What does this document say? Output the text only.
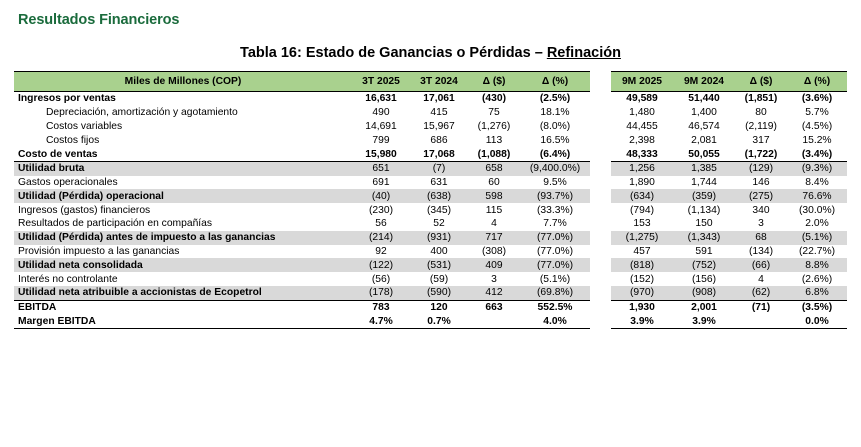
Resultados Financieros
Tabla 16: Estado de Ganancias o Pérdidas – Refinación
Miles de Millones (COP)	3T 2025	3T 2024	Δ ($)	Δ (%)		9M 2025	9M 2024	Δ ($)	Δ (%)
Ingresos por ventas	16,631	17,061	(430)	(2.5%)		49,589	51,440	(1,851)	(3.6%)
Depreciación, amortización y agotamiento	490	415	75	18.1%		1,480	1,400	80	5.7%
Costos variables	14,691	15,967	(1,276)	(8.0%)		44,455	46,574	(2,119)	(4.5%)
Costos fijos	799	686	113	16.5%		2,398	2,081	317	15.2%
Costo de ventas	15,980	17,068	(1,088)	(6.4%)		48,333	50,055	(1,722)	(3.4%)
Utilidad bruta	651	(7)	658	(9,400.0%)		1,256	1,385	(129)	(9.3%)
Gastos operacionales	691	631	60	9.5%		1,890	1,744	146	8.4%
Utilidad (Pérdida) operacional	(40)	(638)	598	(93.7%)		(634)	(359)	(275)	76.6%
Ingresos (gastos) financieros	(230)	(345)	115	(33.3%)		(794)	(1,134)	340	(30.0%)
Resultados de participación en compañías	56	52	4	7.7%		153	150	3	2.0%
Utilidad (Pérdida) antes de impuesto a las ganancias	(214)	(931)	717	(77.0%)		(1,275)	(1,343)	68	(5.1%)
Provisión impuesto a las ganancias	92	400	(308)	(77.0%)		457	591	(134)	(22.7%)
Utilidad neta consolidada	(122)	(531)	409	(77.0%)		(818)	(752)	(66)	8.8%
Interés no controlante	(56)	(59)	3	(5.1%)		(152)	(156)	4	(2.6%)
Utilidad neta atribuible a accionistas de Ecopetrol	(178)	(590)	412	(69.8%)		(970)	(908)	(62)	6.8%
EBITDA	783	120	663	552.5%		1,930	2,001	(71)	(3.5%)
Margen EBITDA	4.7%	0.7%		4.0%		3.9%	3.9%		0.0%
